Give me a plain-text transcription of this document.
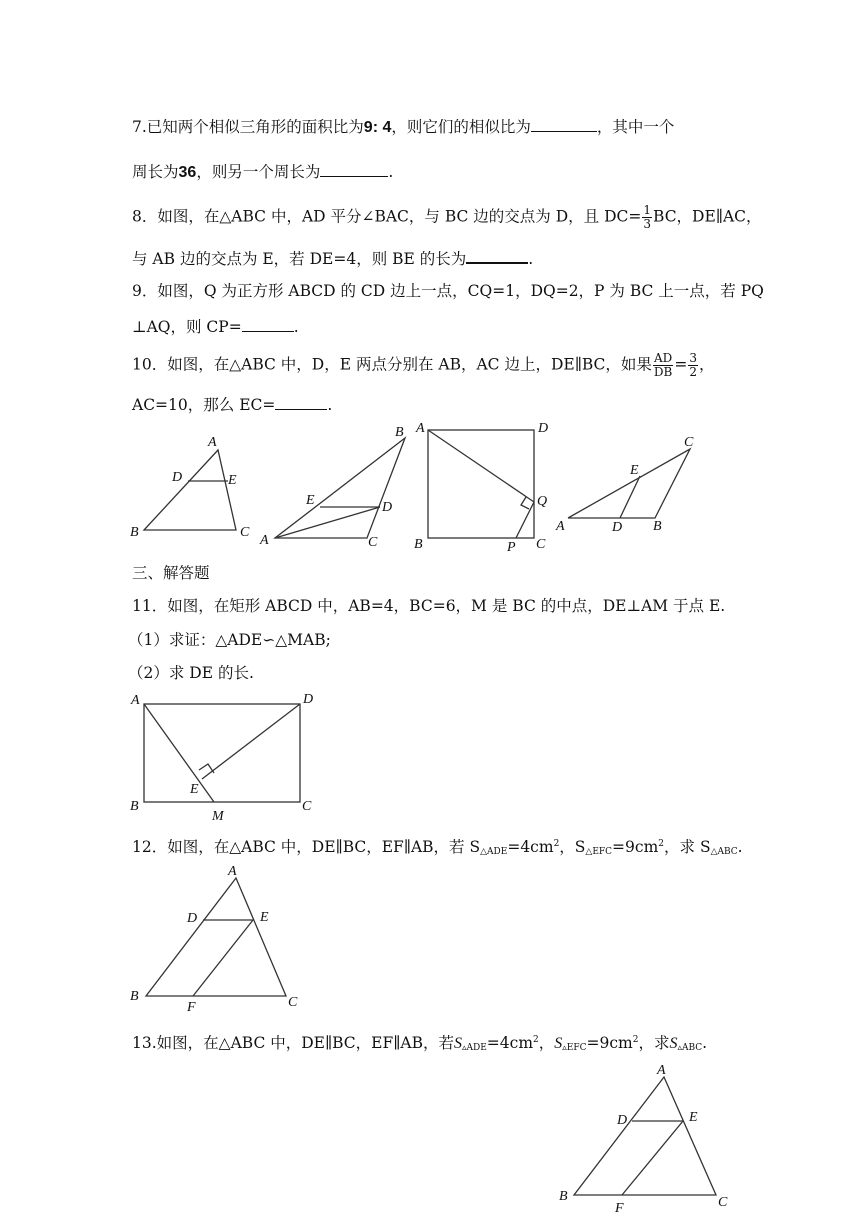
7.已知两个相似三角形的面积比为9: 4，则它们的相似比为	，其中一个
周长为36，则另一个周长为	.
8．如图，在△ABC 中，AD 平分∠BAC，与 BC 边的交点为 D，且 $DC= \frac{1}{3}$ BC，DE∥AC，
与 AB 边的交点为 E，若 DE=4，则 BE 的长为	.
9．如图，Q 为正方形 ABCD 的 CD 边上一点，CQ=1，DQ=2，P 为 BC 上一点，若 PQ
⊥AQ，则 CP=	.
10．如图，在△ABC 中，D，E 两点分别在 AB，AC 边上，DE∥BC，如果 $\frac{AD}{DB} = \frac{3}{2}$ ，
AC=10，那么 EC=	.
A
D	E
B	C
B
E	D
A	C
A	D
Q
B	P C
C
E
A	D B
A	D
E
B
M
C
A
D	E
B
F	C
A
D	E
B
F	C
三、解答题
11．如图，在矩形 ABCD 中，AB=4，BC=6，M 是 BC 的中点，DE⊥AM 于点 E.
（1）求证：△ADE∽△MAB;
（2）求 DE 的长.
12．如图，在△ABC 中，DE∥BC，EF∥AB，若 $S_{\triangle ADE}=4cm^2$，$S_{\triangle EFC}=9cm^2$，求 $S_{\triangle ABC}$.
13.如图，在△ABC 中，DE∥BC，EF∥AB，若$S_{▵ADE}=4cm^2$，$S_{▵EFC}=9cm^2$，求$S_{▵ABC}$.
